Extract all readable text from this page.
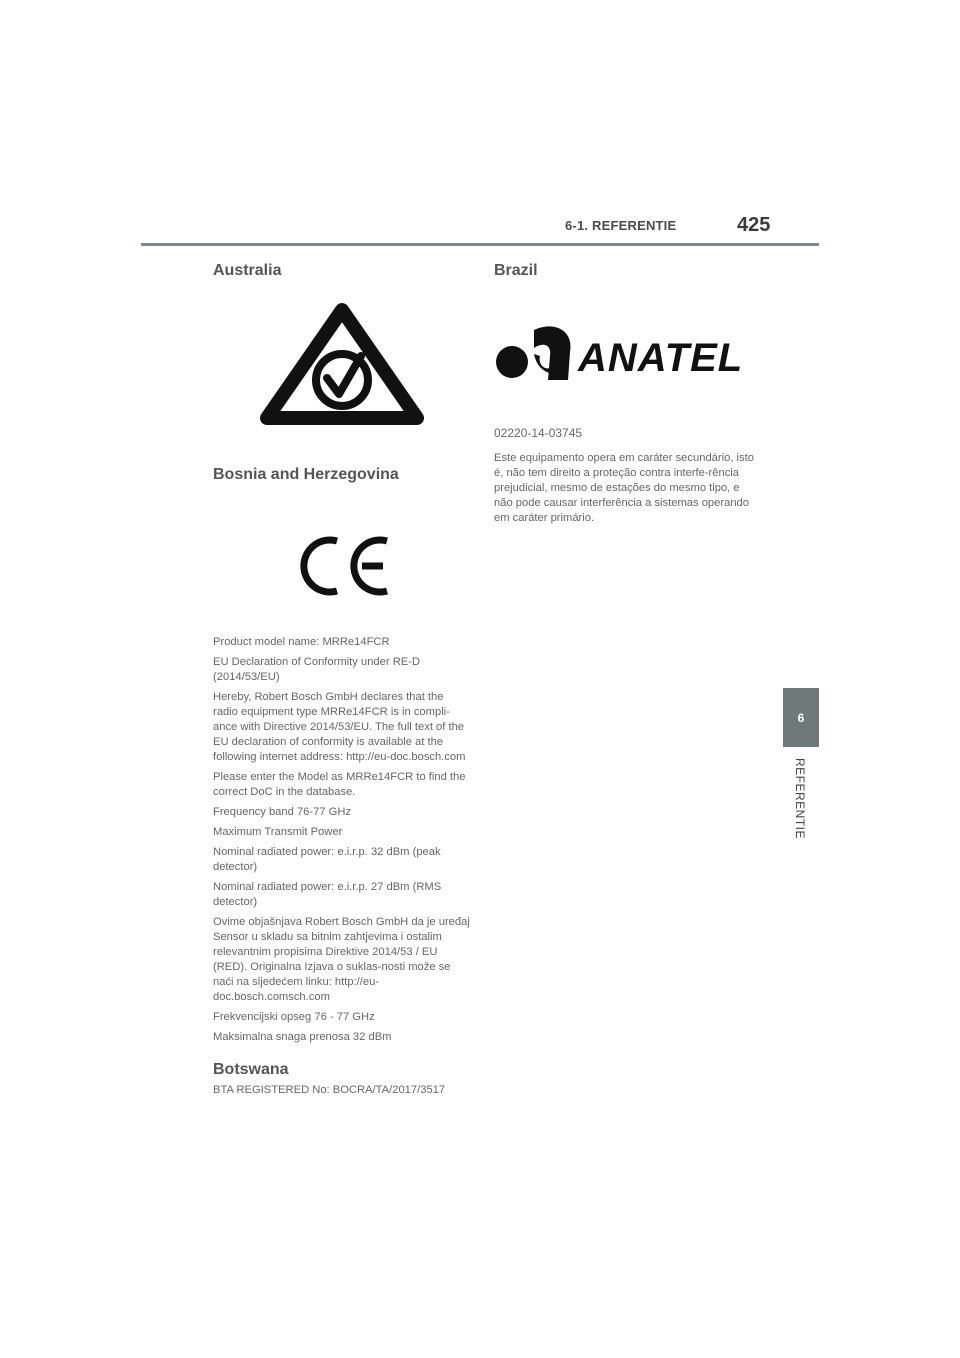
6-1. REFERENTIE	425
6
REFERENTIE
Australia
Bosnia and Herzegovina

Product model name: MRRe14FCR

EU Declaration of Conformity under RE-D (2014/53/EU)

Hereby, Robert Bosch GmbH declares that the radio equipment type MRRe14FCR is in compli-ance with Directive 2014/53/EU. The full text of the EU declaration of conformity is available at the following internet address: http://eu-doc.bosch.com

Please enter the Model as MRRe14FCR to find the correct DoC in the database.

Frequency band 76-77 GHz

Maximum Transmit Power

Nominal radiated power: e.i.r.p. 32 dBm (peak detector)

Nominal radiated power: e.i.r.p. 27 dBm (RMS detector)

Ovime objašnjava Robert Bosch GmbH da je uređaj Sensor u skladu sa bitnim zahtjevima i ostalim relevantnim propisima Direktive 2014/53 / EU (RED). Originalna Izjava o suklas-nosti može se naći na sljedećem linku: http://eu-doc.bosch.comsch.com

Frekvencijski opseg 76 - 77 GHz

Maksimalna snaga prenosa 32 dBm

Botswana

BTA REGISTERED No: BOCRA/TA/2017/3517

Brazil
ANATEL

02220-14-03745

Este equipamento opera em caráter secundário, isto é, não tem direito a proteção contra interfe-rência prejudicial, mesmo de estações do mesmo tipo, e não pode causar interferência a sistemas operando em caráter primário.
